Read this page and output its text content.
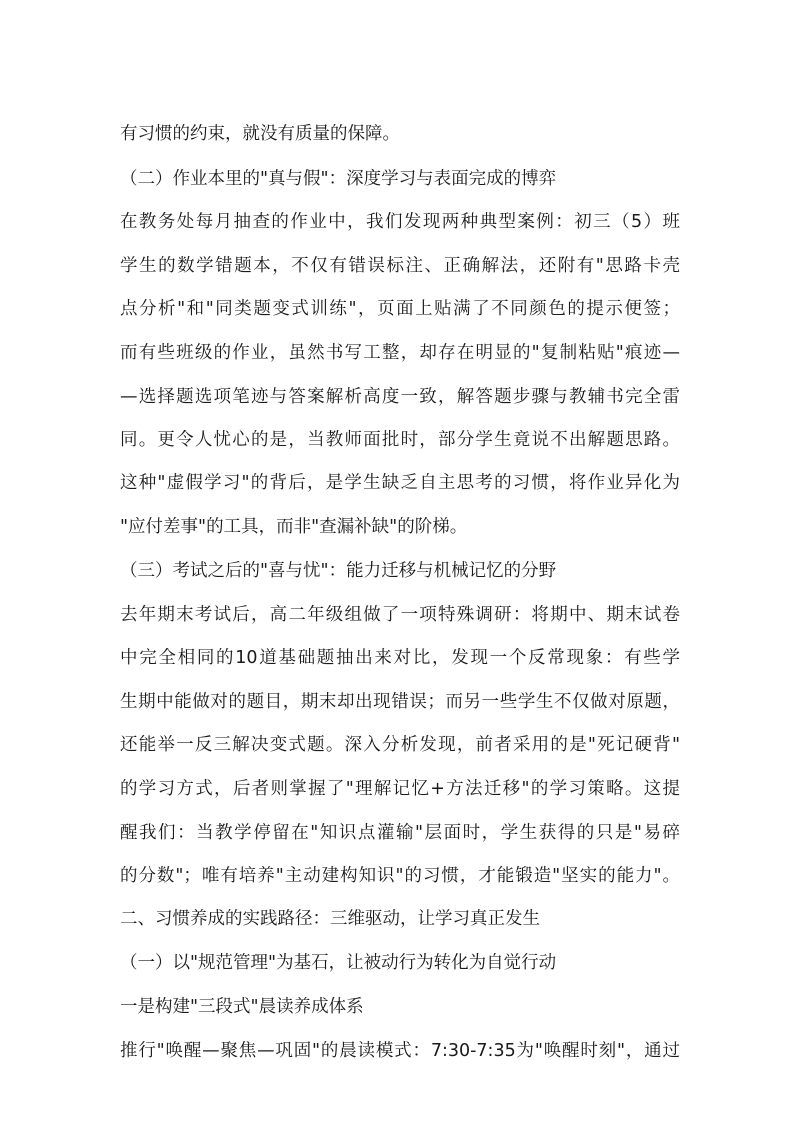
有习惯的约束，就没有质量的保障。

（二）作业本里的"真与假"：深度学习与表面完成的博弈

在教务处每月抽查的作业中，我们发现两种典型案例：初三（5）班

学生的数学错题本，不仅有错误标注、正确解法，还附有"思路卡壳

点分析"和"同类题变式训练"，页面上贴满了不同颜色的提示便签；

而有些班级的作业，虽然书写工整，却存在明显的"复制粘贴"痕迹—

—选择题选项笔迹与答案解析高度一致，解答题步骤与教辅书完全雷

同。更令人忧心的是，当教师面批时，部分学生竟说不出解题思路。

这种"虚假学习"的背后，是学生缺乏自主思考的习惯，将作业异化为

"应付差事"的工具，而非"查漏补缺"的阶梯。

（三）考试之后的"喜与忧"：能力迁移与机械记忆的分野

去年期末考试后，高二年级组做了一项特殊调研：将期中、期末试卷

中完全相同的10道基础题抽出来对比，发现一个反常现象：有些学

生期中能做对的题目，期末却出现错误；而另一些学生不仅做对原题，

还能举一反三解决变式题。深入分析发现，前者采用的是"死记硬背"

的学习方式，后者则掌握了"理解记忆+方法迁移"的学习策略。这提

醒我们：当教学停留在"知识点灌输"层面时，学生获得的只是"易碎

的分数"；唯有培养"主动建构知识"的习惯，才能锻造"坚实的能力"。

二、习惯养成的实践路径：三维驱动，让学习真正发生

（一）以"规范管理"为基石，让被动行为转化为自觉行动

一是构建"三段式"晨读养成体系

推行"唤醒—聚焦—巩固"的晨读模式：7:30-7:35为"唤醒时刻"，通过
